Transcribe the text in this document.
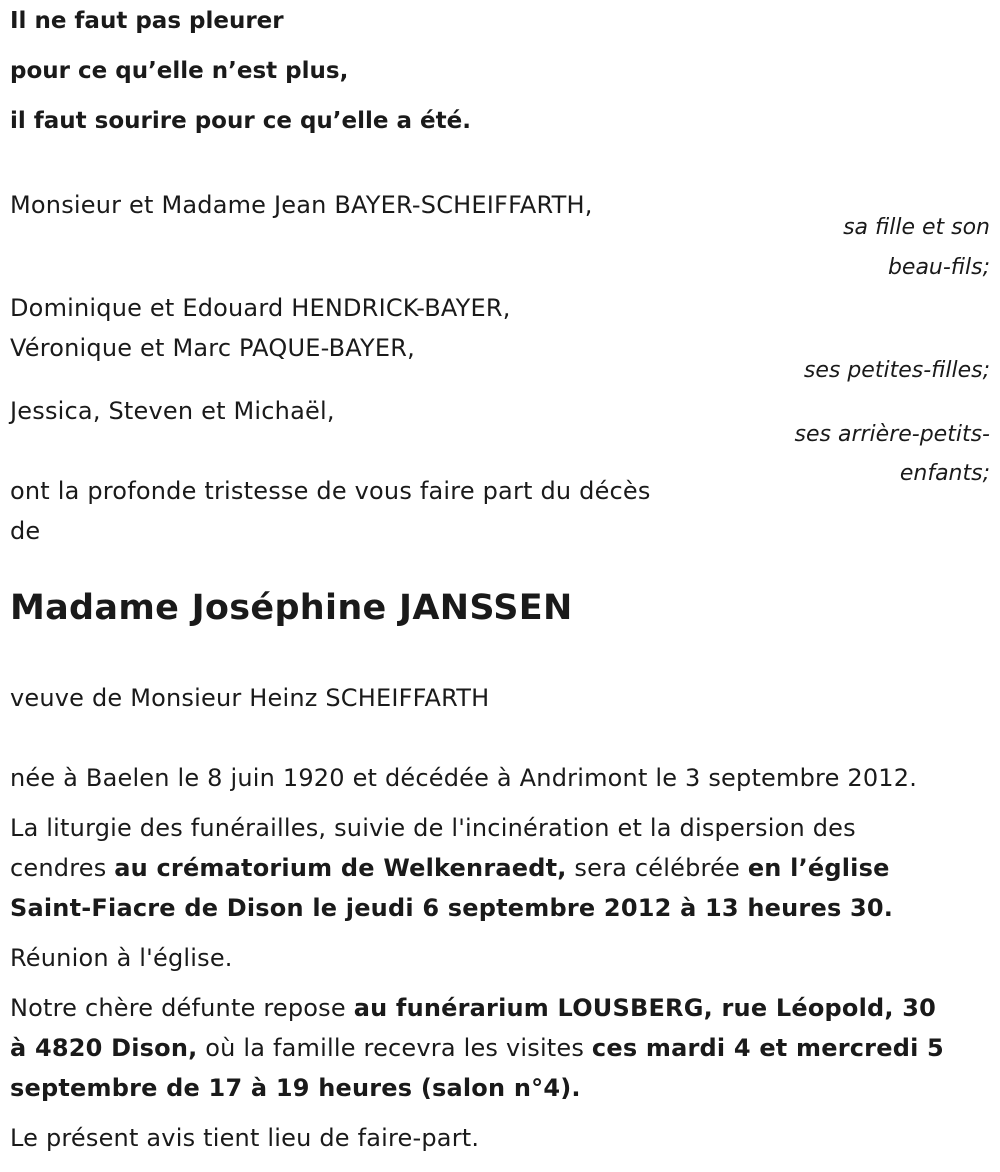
Il ne faut pas pleurer

pour ce qu’elle n’est plus,

il faut sourire pour ce qu’elle a été.

Monsieur et Madame Jean BAYER-SCHEIFFARTH,

sa fille et son

beau-fils;

Dominique et Edouard HENDRICK-BAYER,

Véronique et Marc PAQUE-BAYER,

ses petites-filles;

Jessica, Steven et Michaël,

ses arrière-petits-

enfants;

ont la profonde tristesse de vous faire part du décès

de

Madame Joséphine JANSSEN

veuve de Monsieur Heinz SCHEIFFARTH

née à Baelen le 8 juin 1920 et décédée à Andrimont le 3 septembre 2012.

La liturgie des funérailles, suivie de l'incinération et la dispersion des

cendres au crématorium de Welkenraedt, sera célébrée en l’église

Saint-Fiacre de Dison le jeudi 6 septembre 2012 à 13 heures 30.

Réunion à l'église.

Notre chère défunte repose au funérarium LOUSBERG, rue Léopold, 30

à 4820 Dison, où la famille recevra les visites ces mardi 4 et mercredi 5

septembre de 17 à 19 heures (salon n°4).

Le présent avis tient lieu de faire-part.
